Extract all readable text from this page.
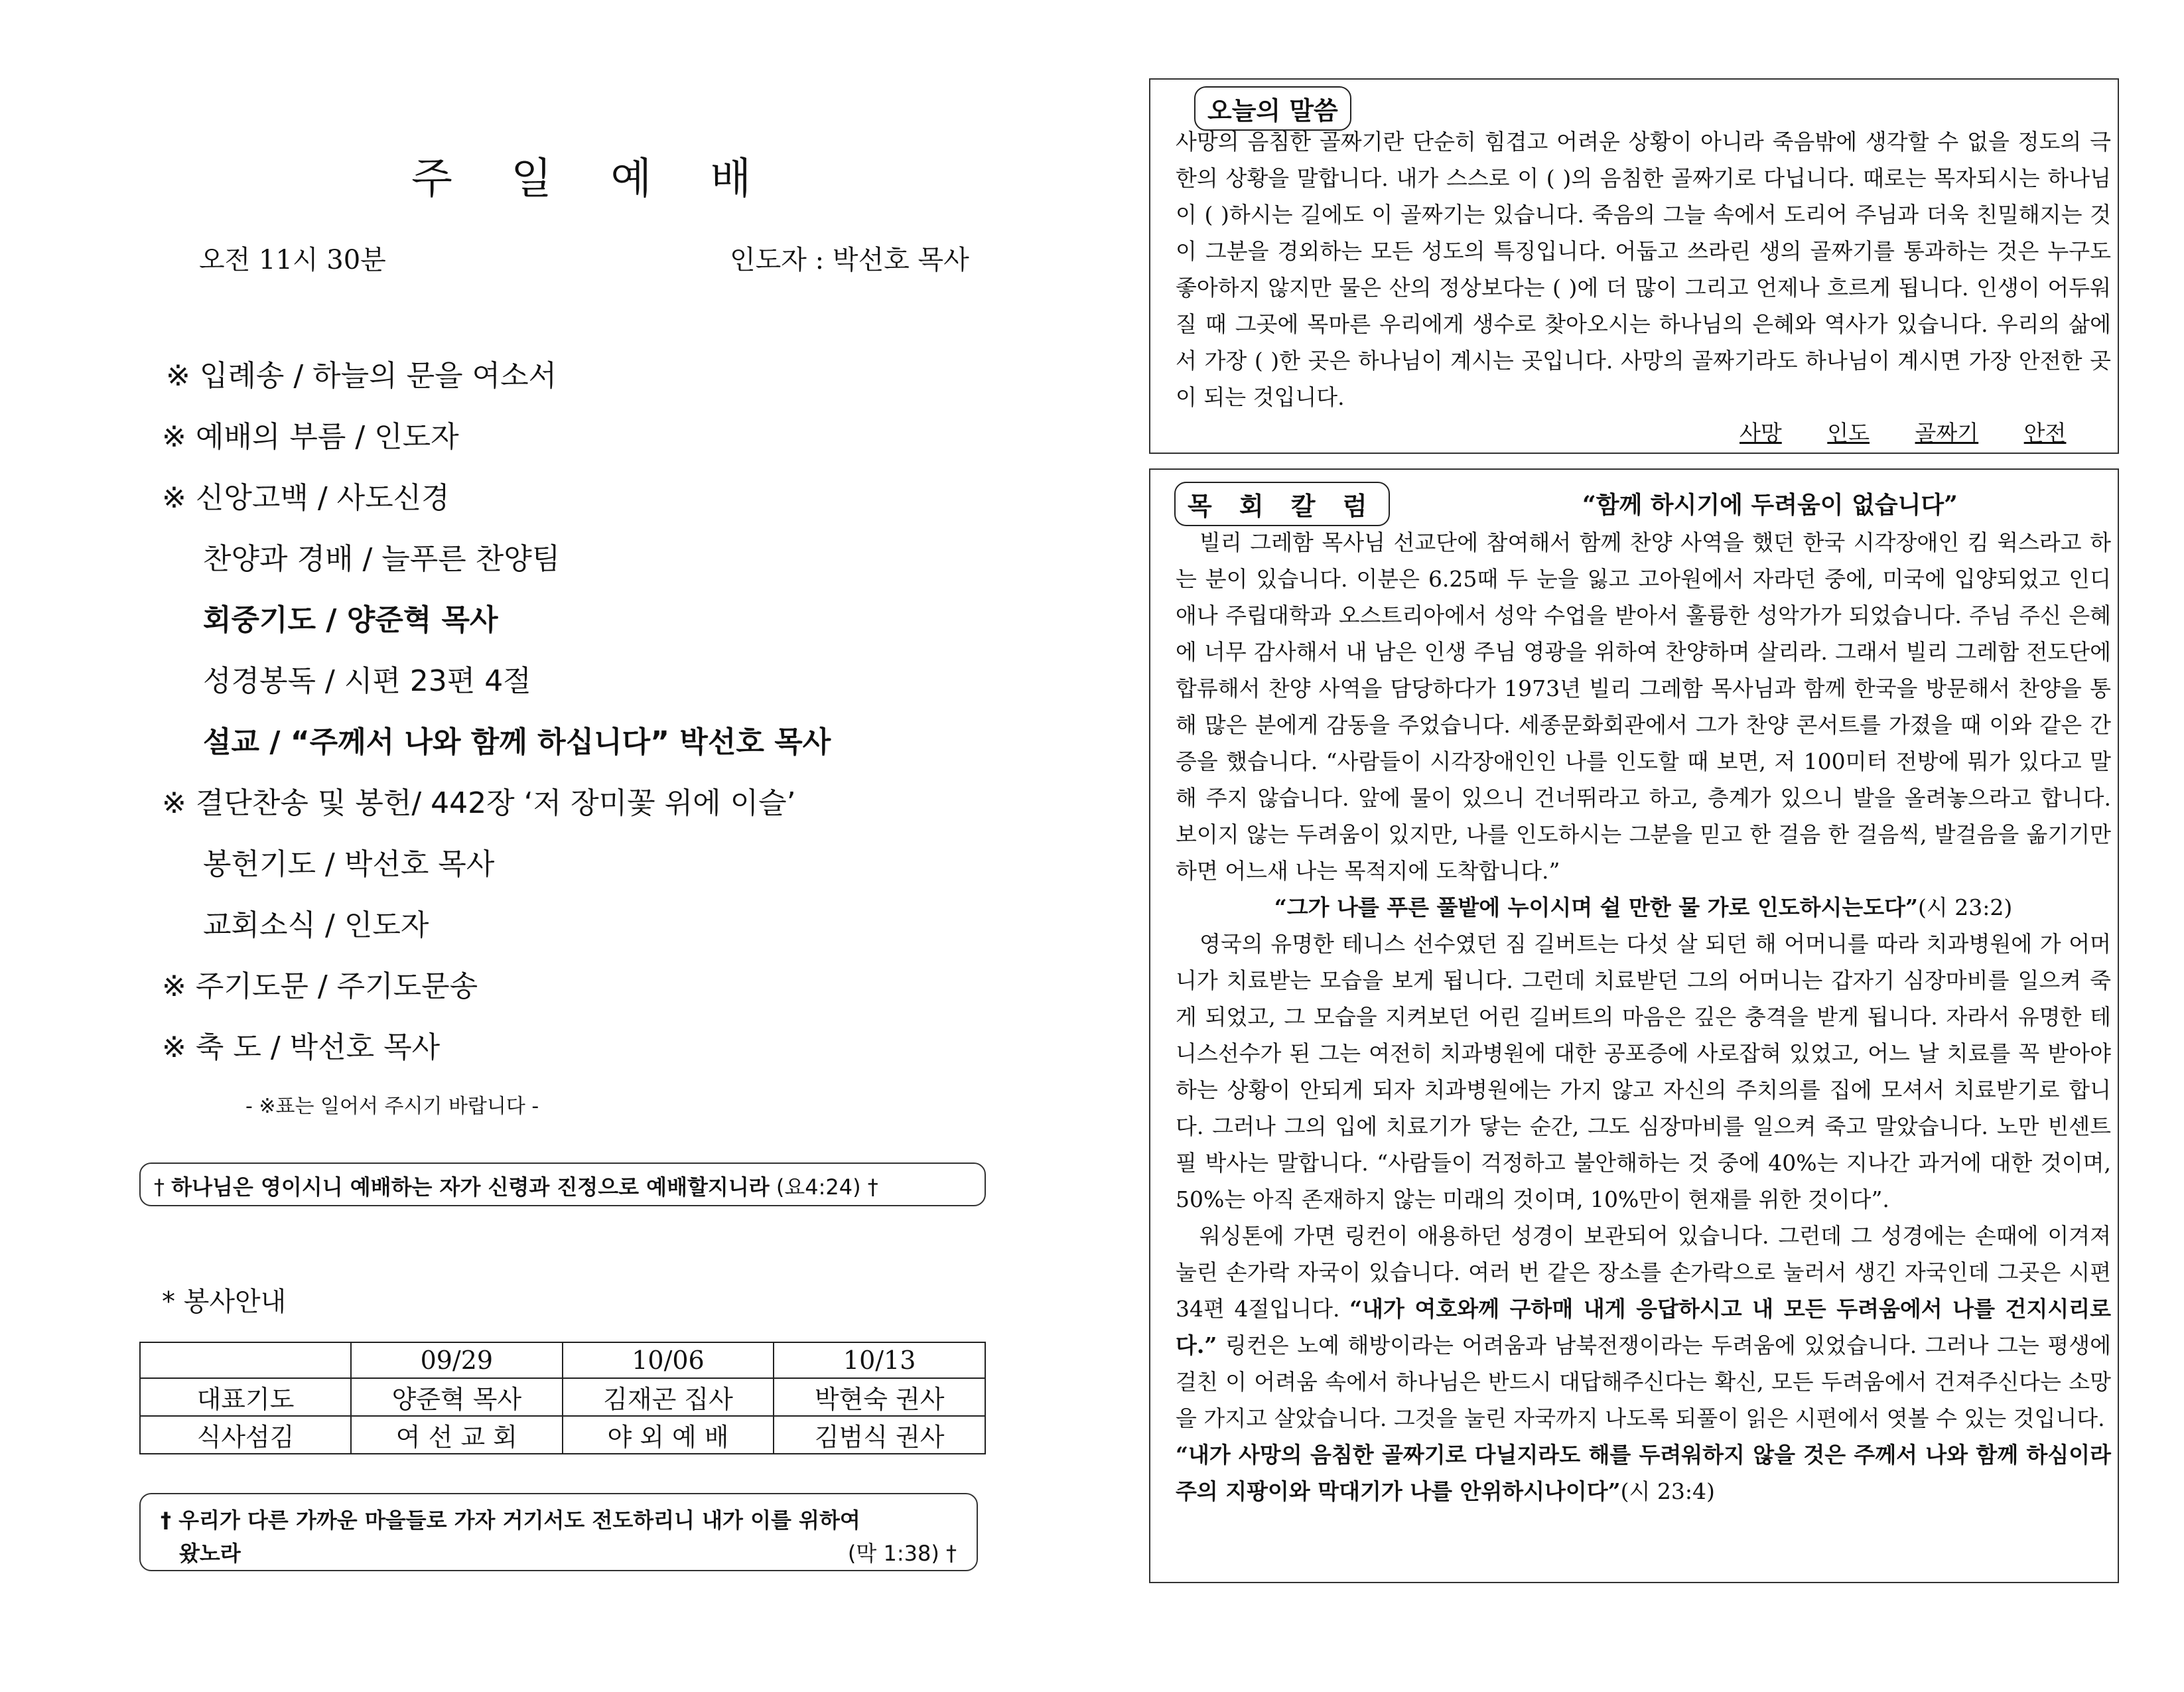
주 일 예 배
오전 11시 30분	인도자 : 박선호 목사
※ 입례송 / 하늘의 문을 여소서
※ 예배의 부름 / 인도자
※ 신앙고백 / 사도신경
찬양과 경배 / 늘푸른 찬양팀
회중기도 / 양준혁 목사
성경봉독 / 시편 23편 4절
설교 / “주께서 나와 함께 하십니다” 박선호 목사
※ 결단찬송 및 봉헌/ 442장 ‘저 장미꽃 위에 이슬’
봉헌기도 / 박선호 목사
교회소식 / 인도자
※ 주기도문 / 주기도문송
※ 축 도 / 박선호 목사
- ※표는 일어서 주시기 바랍니다 -
† 하나님은 영이시니 예배하는 자가 신령과 진정으로 예배할지니라 (요4:24) †
* 봉사안내
	09/29	10/06	10/13
대표기도	양준혁 목사	김재곤 집사	박현숙 권사
식사섬김	여 선 교 회	야 외 예 배	김범식 권사
† 우리가 다른 가까운 마을들로 가자 거기서도 전도하리니 내가 이를 위하여
왔노라	(막 1:38) †
오늘의 말씀
사망의 음침한 골짜기란 단순히 힘겹고 어려운 상황이 아니라 죽음밖에 생각할 수 없을 정도의 극한의 상황을 말합니다. 내가 스스로 이 ( )의 음침한 골짜기로 다닙니다. 때로는 목자되시는 하나님이 ( )하시는 길에도 이 골짜기는 있습니다. 죽음의 그늘 속에서 도리어 주님과 더욱 친밀해지는 것이 그분을 경외하는 모든 성도의 특징입니다. 어둡고 쓰라린 생의 골짜기를 통과하는 것은 누구도 좋아하지 않지만 물은 산의 정상보다는 ( )에 더 많이 그리고 언제나 흐르게 됩니다. 인생이 어두워질 때 그곳에 목마른 우리에게 생수로 찾아오시는 하나님의 은혜와 역사가 있습니다. 우리의 삶에서 가장 ( )한 곳은 하나님이 계시는 곳입니다. 사망의 골짜기라도 하나님이 계시면 가장 안전한 곳이 되는 것입니다.
사망 인도 골짜기 안전
목 회 칼 럼	“함께 하시기에 두려움이 없습니다”

빌리 그레함 목사님 선교단에 참여해서 함께 찬양 사역을 했던 한국 시각장애인 킴 윅스라고 하는 분이 있습니다. 이분은 6.25때 두 눈을 잃고 고아원에서 자라던 중에, 미국에 입양되었고 인디애나 주립대학과 오스트리아에서 성악 수업을 받아서 훌륭한 성악가가 되었습니다. 주님 주신 은혜에 너무 감사해서 내 남은 인생 주님 영광을 위하여 찬양하며 살리라. 그래서 빌리 그레함 전도단에 합류해서 찬양 사역을 담당하다가 1973년 빌리 그레함 목사님과 함께 한국을 방문해서 찬양을 통해 많은 분에게 감동을 주었습니다. 세종문화회관에서 그가 찬양 콘서트를 가졌을 때 이와 같은 간증을 했습니다. “사람들이 시각장애인인 나를 인도할 때 보면, 저 100미터 전방에 뭐가 있다고 말해 주지 않습니다. 앞에 물이 있으니 건너뛰라고 하고, 층계가 있으니 발을 올려놓으라고 합니다. 보이지 않는 두려움이 있지만, 나를 인도하시는 그분을 믿고 한 걸음 한 걸음씩, 발걸음을 옮기기만 하면 어느새 나는 목적지에 도착합니다.”

“그가 나를 푸른 풀밭에 누이시며 쉴 만한 물 가로 인도하시는도다”(시 23:2)

영국의 유명한 테니스 선수였던 짐 길버트는 다섯 살 되던 해 어머니를 따라 치과병원에 가 어머니가 치료받는 모습을 보게 됩니다. 그런데 치료받던 그의 어머니는 갑자기 심장마비를 일으켜 죽게 되었고, 그 모습을 지켜보던 어린 길버트의 마음은 깊은 충격을 받게 됩니다. 자라서 유명한 테니스선수가 된 그는 여전히 치과병원에 대한 공포증에 사로잡혀 있었고, 어느 날 치료를 꼭 받아야 하는 상황이 안되게 되자 치과병원에는 가지 않고 자신의 주치의를 집에 모셔서 치료받기로 합니다. 그러나 그의 입에 치료기가 닿는 순간, 그도 심장마비를 일으켜 죽고 말았습니다. 노만 빈센트 필 박사는 말합니다. “사람들이 걱정하고 불안해하는 것 중에 40%는 지나간 과거에 대한 것이며, 50%는 아직 존재하지 않는 미래의 것이며, 10%만이 현재를 위한 것이다”.

워싱톤에 가면 링컨이 애용하던 성경이 보관되어 있습니다. 그런데 그 성경에는 손때에 이겨져 눌린 손가락 자국이 있습니다. 여러 번 같은 장소를 손가락으로 눌러서 생긴 자국인데 그곳은 시편 34편 4절입니다. “내가 여호와께 구하매 내게 응답하시고 내 모든 두려움에서 나를 건지시리로다.” 링컨은 노예 해방이라는 어려움과 남북전쟁이라는 두려움에 있었습니다. 그러나 그는 평생에 걸친 이 어려움 속에서 하나님은 반드시 대답해주신다는 확신, 모든 두려움에서 건져주신다는 소망을 가지고 살았습니다. 그것을 눌린 자국까지 나도록 되풀이 읽은 시편에서 엿볼 수 있는 것입니다.

“내가 사망의 음침한 골짜기로 다닐지라도 해를 두려워하지 않을 것은 주께서 나와 함께 하심이라 주의 지팡이와 막대기가 나를 안위하시나이다”(시 23:4)
